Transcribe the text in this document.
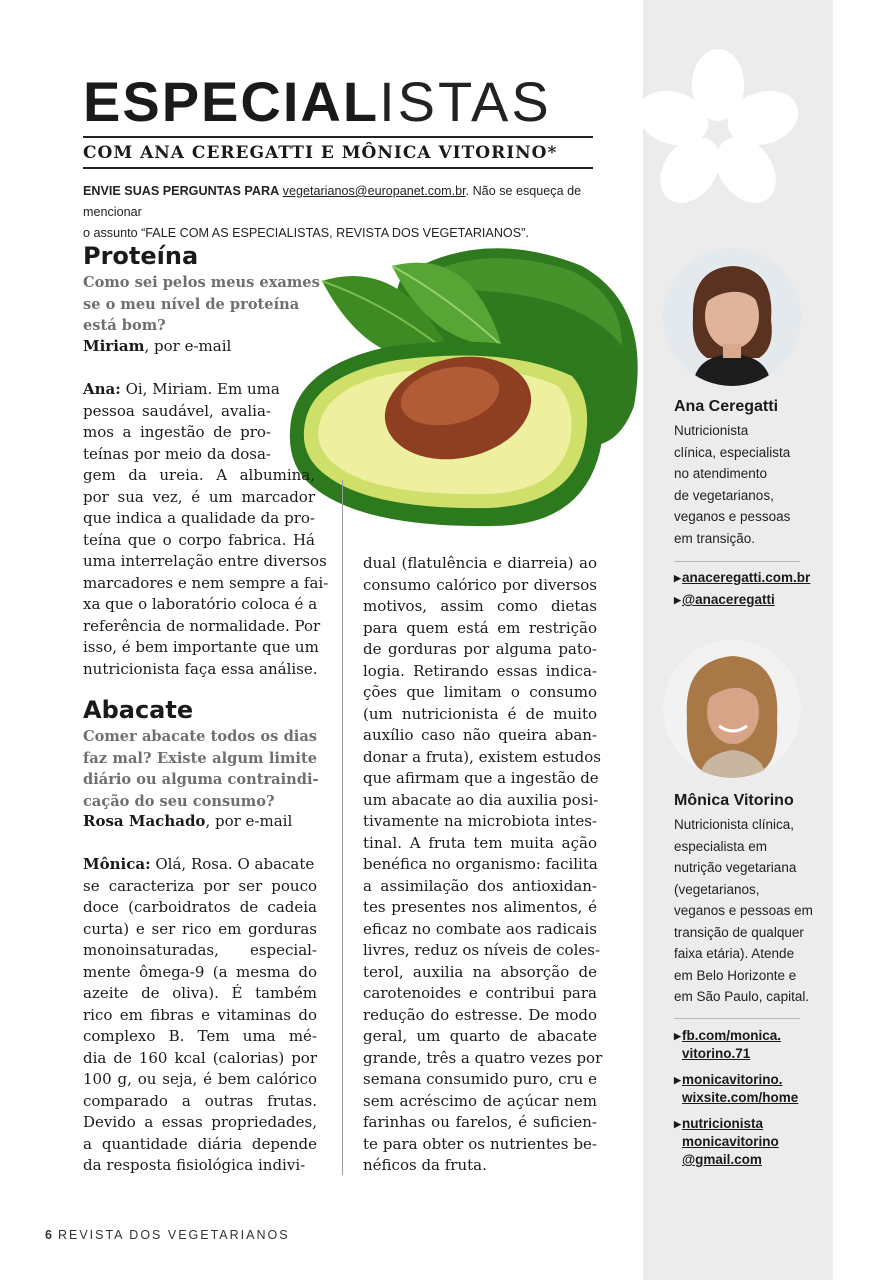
ESPECIALISTAS
COM ANA CEREGATTI E MÔNICA VITORINO*
ENVIE SUAS PERGUNTAS PARA vegetarianos@europanet.com.br. Não se esqueça de mencionar
o assunto “FALE COM AS ESPECIALISTAS, REVISTA DOS VEGETARIANOS”.
Proteína
Como sei pelos meus exames se o meu nível de proteína está bom?
Miriam, por e-mail
Ana: Oi, Miriam. Em uma
pessoa saudável, avalia-
mos a ingestão de pro-
teínas por meio da dosa-
gem da ureia. A albumina,
por sua vez, é um marcador
que indica a qualidade da pro-
teína que o corpo fabrica. Há
uma interrelação entre diversos
marcadores e nem sempre a fai-
xa que o laboratório coloca é a
referência de normalidade. Por
isso, é bem importante que um
nutricionista faça essa análise.
Abacate
Comer abacate todos os dias
faz mal? Existe algum limite
diário ou alguma contraindi-
cação do seu consumo?
Rosa Machado, por e-mail
Mônica: Olá, Rosa. O abacate
se caracteriza por ser pouco
doce (carboidratos de cadeia
curta) e ser rico em gorduras
monoinsaturadas, especial-
mente ômega-9 (a mesma do
azeite de oliva). É também
rico em fibras e vitaminas do
complexo B. Tem uma mé-
dia de 160 kcal (calorias) por
100 g, ou seja, é bem calórico
comparado a outras frutas.
Devido a essas propriedades,
a quantidade diária depende
da resposta fisiológica indivi-
dual (flatulência e diarreia) ao
consumo calórico por diversos
motivos, assim como dietas
para quem está em restrição
de gorduras por alguma pato-
logia. Retirando essas indica-
ções que limitam o consumo
(um nutricionista é de muito
auxílio caso não queira aban-
donar a fruta), existem estudos
que afirmam que a ingestão de
um abacate ao dia auxilia posi-
tivamente na microbiota intes-
tinal. A fruta tem muita ação
benéfica no organismo: facilita
a assimilação dos antioxidan-
tes presentes nos alimentos, é
eficaz no combate aos radicais
livres, reduz os níveis de coles-
terol, auxilia na absorção de
carotenoides e contribui para
redução do estresse. De modo
geral, um quarto de abacate
grande, três a quatro vezes por
semana consumido puro, cru e
sem acréscimo de açúcar nem
farinhas ou farelos, é suficien-
te para obter os nutrientes be-
néficos da fruta.
Ana Ceregatti
Nutricionista
clínica, especialista
no atendimento
de vegetarianos,
veganos e pessoas
em transição.
▶ anaceregatti.com.br
▶ @anaceregatti
Mônica Vitorino
Nutricionista clínica,
especialista em
nutrição vegetariana
(vegetarianos,
veganos e pessoas em
transição de qualquer
faixa etária). Atende
em Belo Horizonte e
em São Paulo, capital.
▶ fb.com/monica.
vitorino.71
▶ monicavitorino.
wixsite.com/home
▶ nutricionista
monicavitorino
@gmail.com
6 REVISTA DOS VEGETARIANOS
